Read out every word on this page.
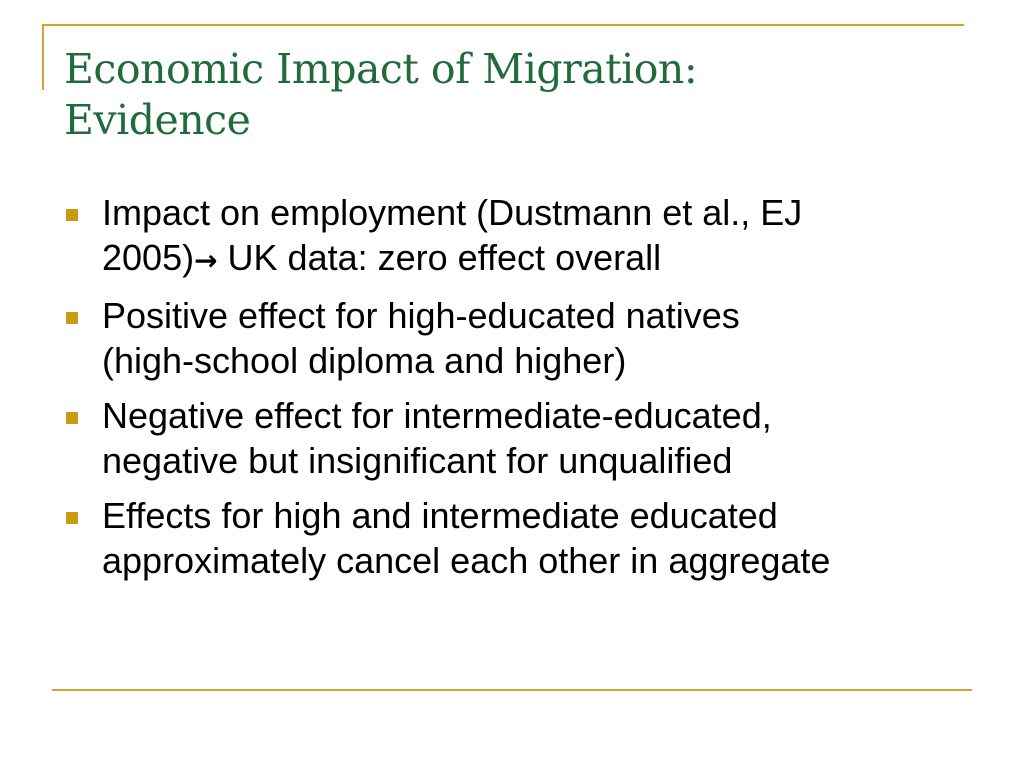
Economic Impact of Migration:
Evidence
Impact on employment (Dustmann et al., EJ
2005)→ UK data: zero effect overall
Positive effect for high-educated natives
(high-school diploma and higher)
Negative effect for intermediate-educated,
negative but insignificant for unqualified
Effects for high and intermediate educated
approximately cancel each other in aggregate
